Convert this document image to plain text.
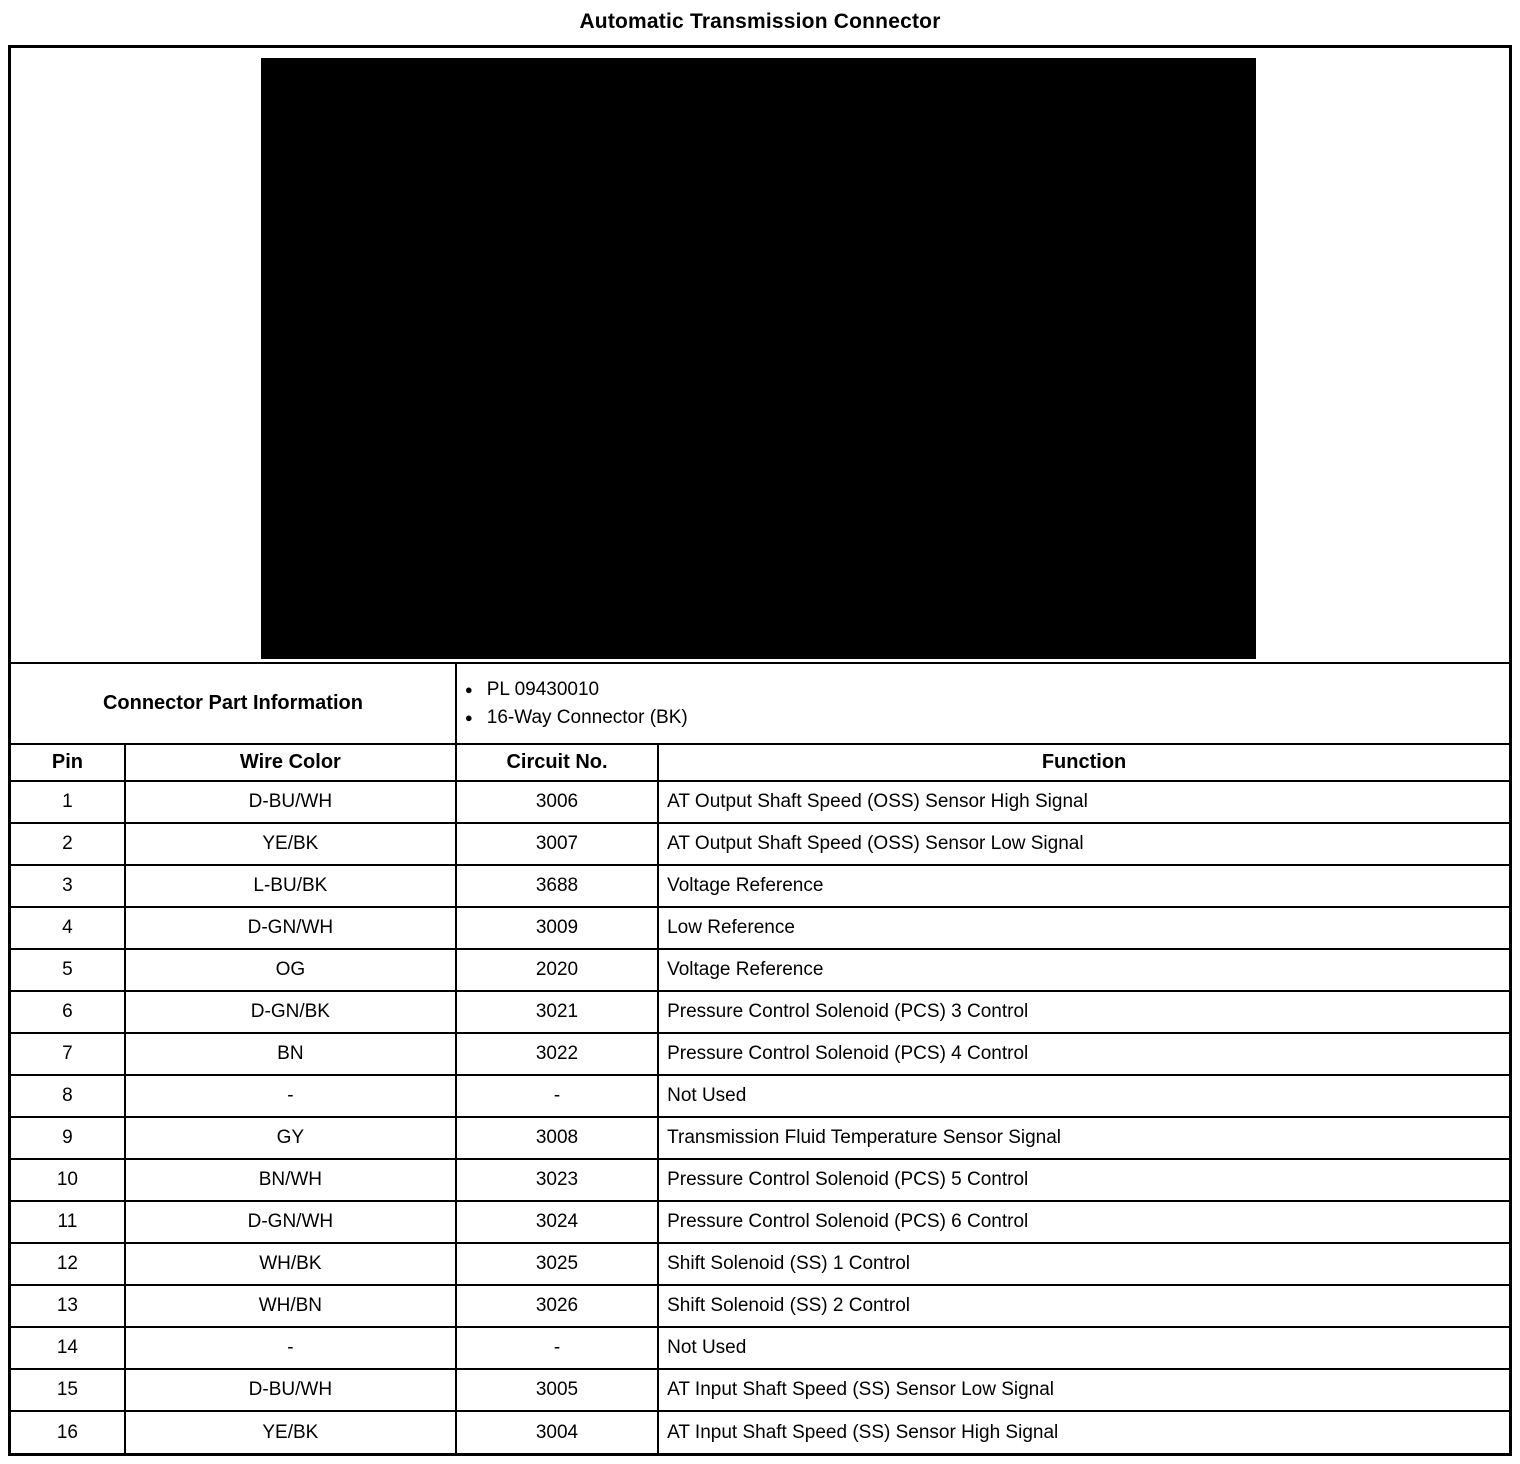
Automatic Transmission Connector
Connector Part Information		● PL 09430010
● 16-Way Connector (BK)	

Pin	Wire Color	Circuit No.	Function
1	D-BU/WH	3006	AT Output Shaft Speed (OSS) Sensor High Signal
2	YE/BK	3007	AT Output Shaft Speed (OSS) Sensor Low Signal
3	L-BU/BK	3688	Voltage Reference
4	D-GN/WH	3009	Low Reference
5	OG	2020	Voltage Reference
6	D-GN/BK	3021	Pressure Control Solenoid (PCS) 3 Control
7	BN	3022	Pressure Control Solenoid (PCS) 4 Control
8	-	-	Not Used
9	GY	3008	Transmission Fluid Temperature Sensor Signal
10	BN/WH	3023	Pressure Control Solenoid (PCS) 5 Control
11	D-GN/WH	3024	Pressure Control Solenoid (PCS) 6 Control
12	WH/BK	3025	Shift Solenoid (SS) 1 Control
13	WH/BN	3026	Shift Solenoid (SS) 2 Control
14	-	-	Not Used
15	D-BU/WH	3005	AT Input Shaft Speed (SS) Sensor Low Signal
16	YE/BK	3004	AT Input Shaft Speed (SS) Sensor High Signal
